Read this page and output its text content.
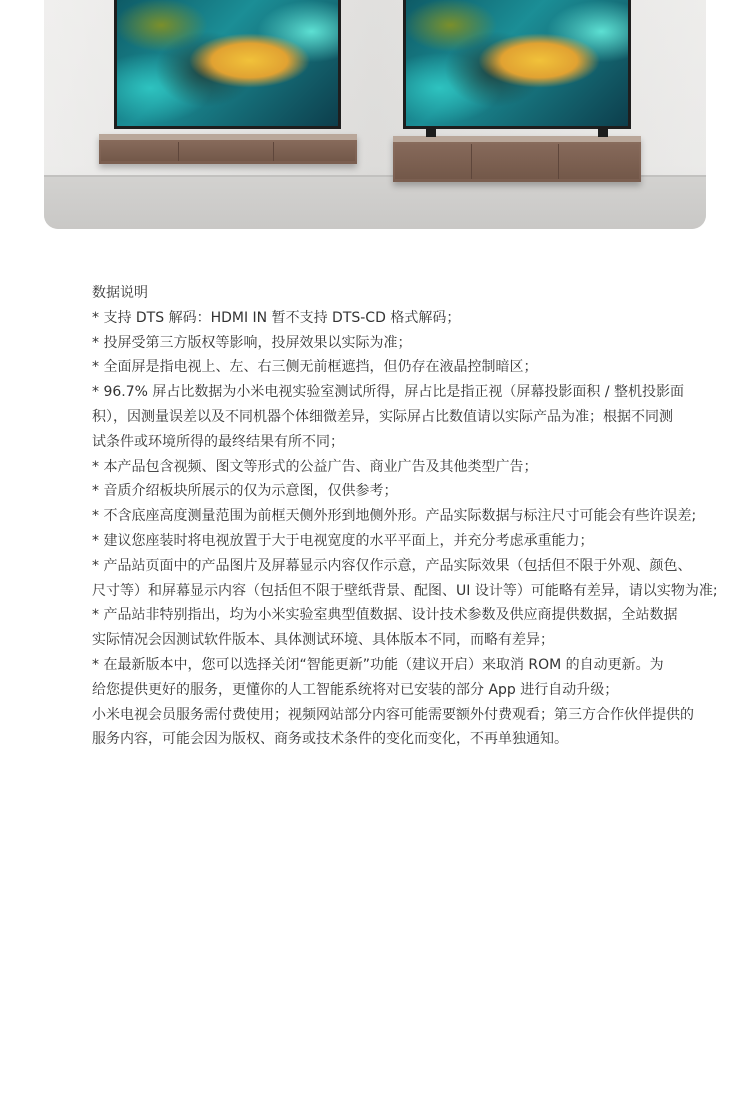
数据说明

* 支持 DTS 解码：HDMI IN 暂不支持 DTS-CD 格式解码；

* 投屏受第三方版权等影响，投屏效果以实际为准；

* 全面屏是指电视上、左、右三侧无前框遮挡，但仍存在液晶控制暗区；

* 96.7% 屏占比数据为小米电视实验室测试所得，屏占比是指正视（屏幕投影面积 / 整机投影面

积），因测量误差以及不同机器个体细微差异，实际屏占比数值请以实际产品为准；根据不同测

试条件或环境所得的最终结果有所不同；

* 本产品包含视频、图文等形式的公益广告、商业广告及其他类型广告；

* 音质介绍板块所展示的仅为示意图，仅供参考；

* 不含底座高度测量范围为前框天侧外形到地侧外形。产品实际数据与标注尺寸可能会有些许误差;

* 建议您座装时将电视放置于大于电视宽度的水平平面上，并充分考虑承重能力；

* 产品站页面中的产品图片及屏幕显示内容仅作示意，产品实际效果（包括但不限于外观、颜色、

尺寸等）和屏幕显示内容（包括但不限于壁纸背景、配图、UI 设计等）可能略有差异，请以实物为准;

* 产品站非特别指出，均为小米实验室典型值数据、设计技术参数及供应商提供数据，全站数据

实际情况会因测试软件版本、具体测试环境、具体版本不同，而略有差异；

* 在最新版本中，您可以选择关闭“智能更新”功能（建议开启）来取消 ROM 的自动更新。为

给您提供更好的服务，更懂你的人工智能系统将对已安装的部分 App 进行自动升级；

小米电视会员服务需付费使用；视频网站部分内容可能需要额外付费观看；第三方合作伙伴提供的

服务内容，可能会因为版权、商务或技术条件的变化而变化，不再单独通知。
